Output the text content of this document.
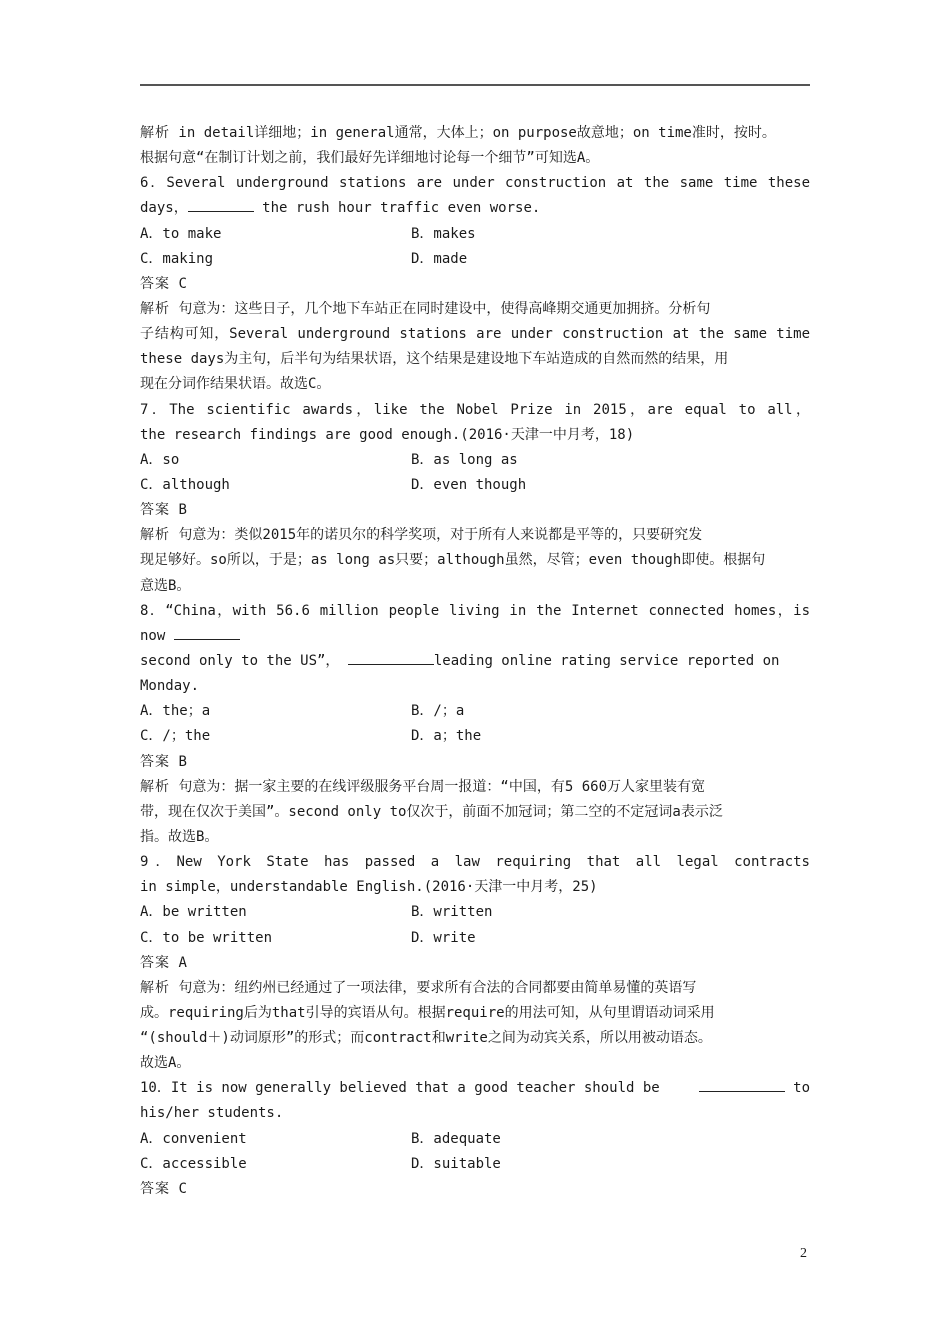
解析 in detail详细地；in general通常，大体上；on purpose故意地；on time准时，按时。
根据句意“在制订计划之前，我们最好先详细地讨论每一个细节”可知选A。
6．Several underground stations are under construction at the same time these
days，	the rush hour traffic even worse.
A．to make	B．makes
C．making	D．made
答案 C
解析 句意为：这些日子，几个地下车站正在同时建设中，使得高峰期交通更加拥挤。分析句
子结构可知，Several underground stations are under construction at the same time
these days为主句，后半句为结果状语，这个结果是建设地下车站造成的自然而然的结果，用
现在分词作结果状语。故选C。
7．The scientific awards，like the Nobel Prize in 2015，are equal to all，
the research findings are good enough.(2016·天津一中月考，18)
A．so	B．as long as
C．although	D．even though
答案 B
解析 句意为：类似2015年的诺贝尔的科学奖项，对于所有人来说都是平等的，只要研究发
现足够好。so所以，于是；as long as只要；although虽然，尽管；even though即使。根据句
意选B。
8．“China，with 56.6 million people living in the Internet connected homes，is
now
second only to the US”，	leading online rating service reported on
Monday.
A．the；a	B．/；a
C．/；the	D．a；the
答案 B
解析 句意为：据一家主要的在线评级服务平台周一报道：“中国，有5 660万人家里装有宽
带，现在仅次于美国”。second only to仅次于，前面不加冠词；第二空的不定冠词a表示泛
指。故选B。
9．New York State has passed a law requiring that all legal contracts
in simple，understandable English.(2016·天津一中月考，25)
A．be written	B．written
C．to be written	D．write
答案 A
解析 句意为：纽约州已经通过了一项法律，要求所有合法的合同都要由简单易懂的英语写
成。requiring后为that引导的宾语从句。根据require的用法可知，从句里谓语动词采用
“(should＋)动词原形”的形式；而contract和write之间为动宾关系，所以用被动语态。
故选A。
10．It is now generally believed that a good teacher should be	to
his/her students.
A．convenient	B．adequate
C．accessible	D．suitable
答案 C
2
